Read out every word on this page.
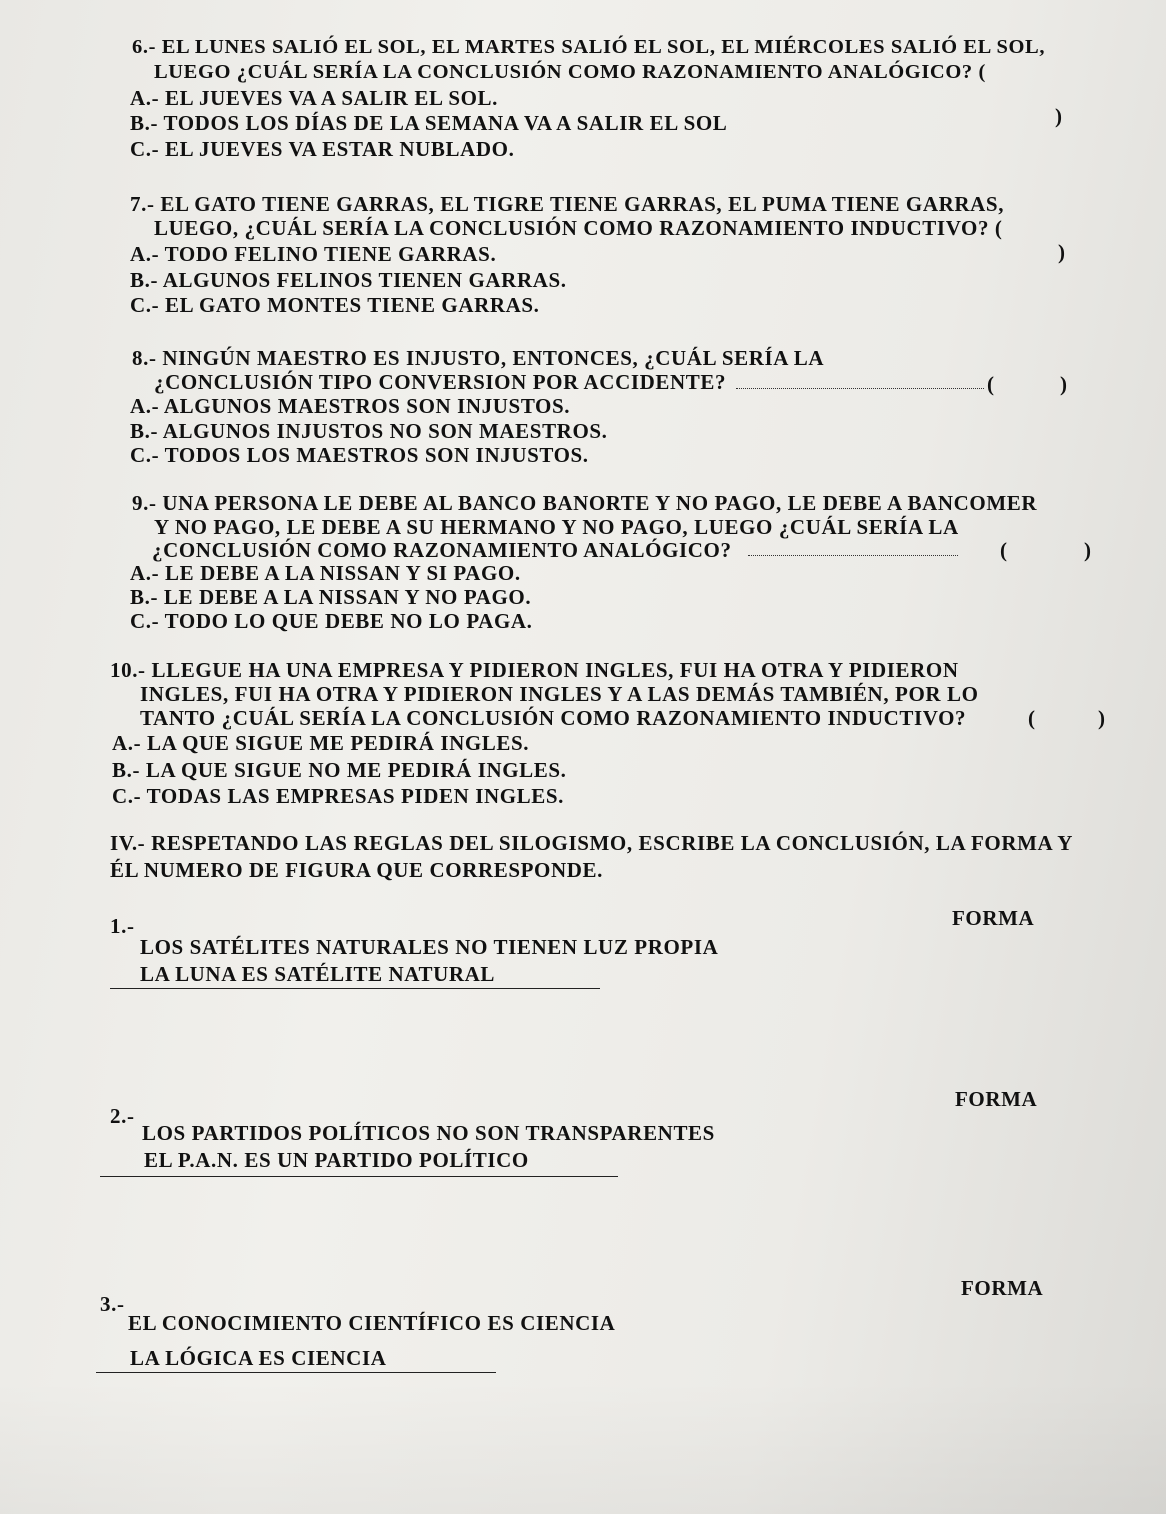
6.- EL LUNES SALIÓ EL SOL, EL MARTES SALIÓ EL SOL, EL MIÉRCOLES SALIÓ EL SOL,
LUEGO ¿CUÁL SERÍA LA CONCLUSIÓN COMO RAZONAMIENTO ANALÓGICO? (
)
A.- EL JUEVES VA A SALIR EL SOL.
B.- TODOS LOS DÍAS DE LA SEMANA VA A SALIR EL SOL
C.- EL JUEVES VA ESTAR NUBLADO.
7.- EL GATO TIENE GARRAS, EL TIGRE TIENE GARRAS, EL PUMA TIENE GARRAS,
LUEGO, ¿CUÁL SERÍA LA CONCLUSIÓN COMO RAZONAMIENTO INDUCTIVO? (
)
A.- TODO FELINO TIENE GARRAS.
B.- ALGUNOS FELINOS TIENEN GARRAS.
C.- EL GATO MONTES TIENE GARRAS.
8.- NINGÚN MAESTRO ES INJUSTO, ENTONCES, ¿CUÁL SERÍA LA
¿CONCLUSIÓN TIPO CONVERSION POR ACCIDENTE?	(	)
A.- ALGUNOS MAESTROS SON INJUSTOS.
B.- ALGUNOS INJUSTOS NO SON MAESTROS.
C.- TODOS LOS MAESTROS SON INJUSTOS.
9.- UNA PERSONA LE DEBE AL BANCO BANORTE Y NO PAGO, LE DEBE A BANCOMER
Y NO PAGO, LE DEBE A SU HERMANO Y NO PAGO, LUEGO ¿CUÁL SERÍA LA
¿CONCLUSIÓN COMO RAZONAMIENTO ANALÓGICO?	(	)
A.- LE DEBE A LA NISSAN Y SI PAGO.
B.- LE DEBE A LA NISSAN Y NO PAGO.
C.- TODO LO QUE DEBE NO LO PAGA.
10.- LLEGUE HA UNA EMPRESA Y PIDIERON INGLES, FUI HA OTRA Y PIDIERON
INGLES, FUI HA OTRA Y PIDIERON INGLES Y A LAS DEMÁS TAMBIÉN, POR LO
TANTO ¿CUÁL SERÍA LA CONCLUSIÓN COMO RAZONAMIENTO INDUCTIVO?	(	)
A.- LA QUE SIGUE ME PEDIRÁ INGLES.
B.- LA QUE SIGUE NO ME PEDIRÁ INGLES.
C.- TODAS LAS EMPRESAS PIDEN INGLES.
IV.- RESPETANDO LAS REGLAS DEL SILOGISMO, ESCRIBE LA CONCLUSIÓN, LA FORMA Y
ÉL NUMERO DE FIGURA QUE CORRESPONDE.
1.-	FORMA
LOS SATÉLITES NATURALES NO TIENEN LUZ PROPIA
LA LUNA ES SATÉLITE NATURAL
2.-
FORMA
LOS PARTIDOS POLÍTICOS NO SON TRANSPARENTES
EL P.A.N. ES UN PARTIDO POLÍTICO
3.-
FORMA
EL CONOCIMIENTO CIENTÍFICO ES CIENCIA
LA LÓGICA ES CIENCIA
